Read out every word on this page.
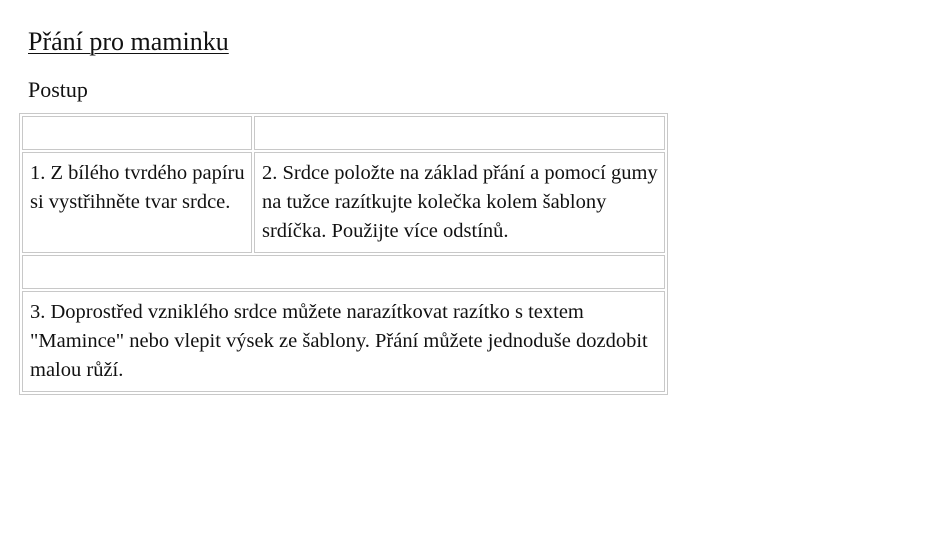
Přání pro maminku

Postup

1. Z bílého tvrdého papíru si vystřihněte tvar srdce.	2. Srdce položte na základ přání a pomocí gumy na tužce razítkujte kolečka kolem šablony srdíčka. Použijte více odstínů.

3. Doprostřed vzniklého srdce můžete narazítkovat razítko s textem "Mamince" nebo vlepit výsek ze šablony. Přání můžete jednoduše dozdobit malou růží.	
